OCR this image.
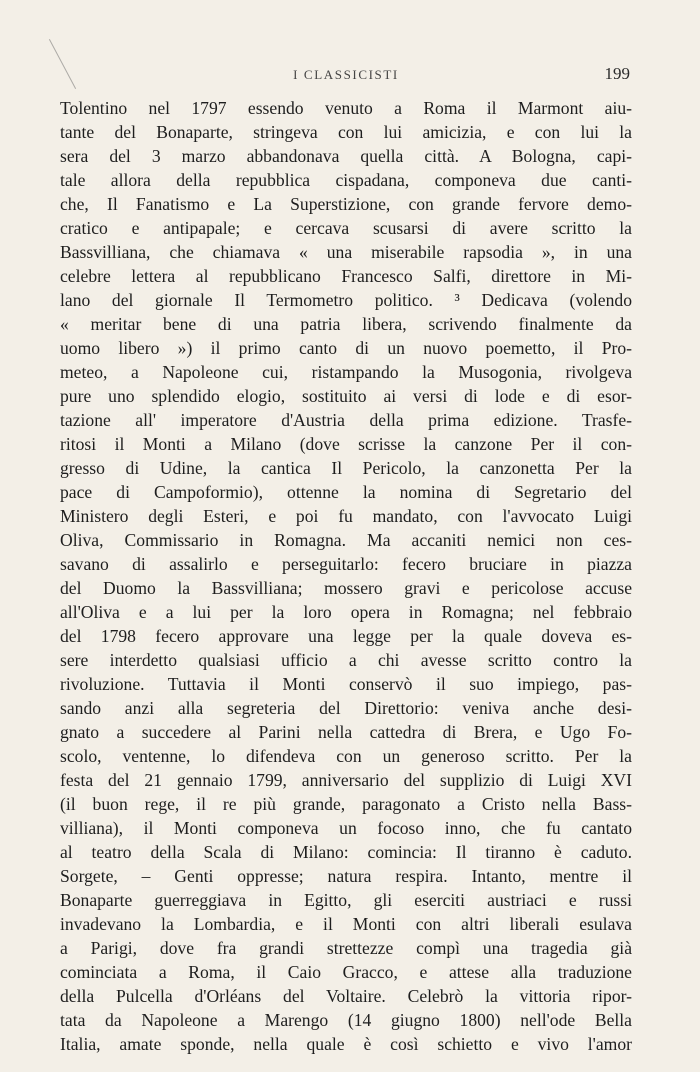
I CLASSICISTI	199
Tolentino nel 1797 essendo venuto a Roma il Marmont aiu-
tante del Bonaparte, stringeva con lui amicizia, e con lui la
sera del 3 marzo abbandonava quella città. A Bologna, capi-
tale allora della repubblica cispadana, componeva due canti-
che, Il Fanatismo e La Superstizione, con grande fervore demo-
cratico e antipapale; e cercava scusarsi di avere scritto la
Bassvilliana, che chiamava « una miserabile rapsodia », in una
celebre lettera al repubblicano Francesco Salfi, direttore in Mi-
lano del giornale Il Termometro politico. ³ Dedicava (volendo
« meritar bene di una patria libera, scrivendo finalmente da
uomo libero ») il primo canto di un nuovo poemetto, il Pro-
meteo, a Napoleone cui, ristampando la Musogonia, rivolgeva
pure uno splendido elogio, sostituito ai versi di lode e di esor-
tazione all' imperatore d'Austria della prima edizione. Trasfe-
ritosi il Monti a Milano (dove scrisse la canzone Per il con-
gresso di Udine, la cantica Il Pericolo, la canzonetta Per la
pace di Campoformio), ottenne la nomina di Segretario del
Ministero degli Esteri, e poi fu mandato, con l'avvocato Luigi
Oliva, Commissario in Romagna. Ma accaniti nemici non ces-
savano di assalirlo e perseguitarlo: fecero bruciare in piazza
del Duomo la Bassvilliana; mossero gravi e pericolose accuse
all'Oliva e a lui per la loro opera in Romagna; nel febbraio
del 1798 fecero approvare una legge per la quale doveva es-
sere interdetto qualsiasi ufficio a chi avesse scritto contro la
rivoluzione. Tuttavia il Monti conservò il suo impiego, pas-
sando anzi alla segreteria del Direttorio: veniva anche desi-
gnato a succedere al Parini nella cattedra di Brera, e Ugo Fo-
scolo, ventenne, lo difendeva con un generoso scritto. Per la
festa del 21 gennaio 1799, anniversario del supplizio di Luigi XVI
(il buon rege, il re più grande, paragonato a Cristo nella Bass-
villiana), il Monti componeva un focoso inno, che fu cantato
al teatro della Scala di Milano: comincia: Il tiranno è caduto.
Sorgete, – Genti oppresse; natura respira. Intanto, mentre il
Bonaparte guerreggiava in Egitto, gli eserciti austriaci e russi
invadevano la Lombardia, e il Monti con altri liberali esulava
a Parigi, dove fra grandi strettezze compì una tragedia già
cominciata a Roma, il Caio Gracco, e attese alla traduzione
della Pulcella d'Orléans del Voltaire. Celebrò la vittoria ripor-
tata da Napoleone a Marengo (14 giugno 1800) nell'ode Bella
Italia, amate sponde, nella quale è così schietto e vivo l'amor
